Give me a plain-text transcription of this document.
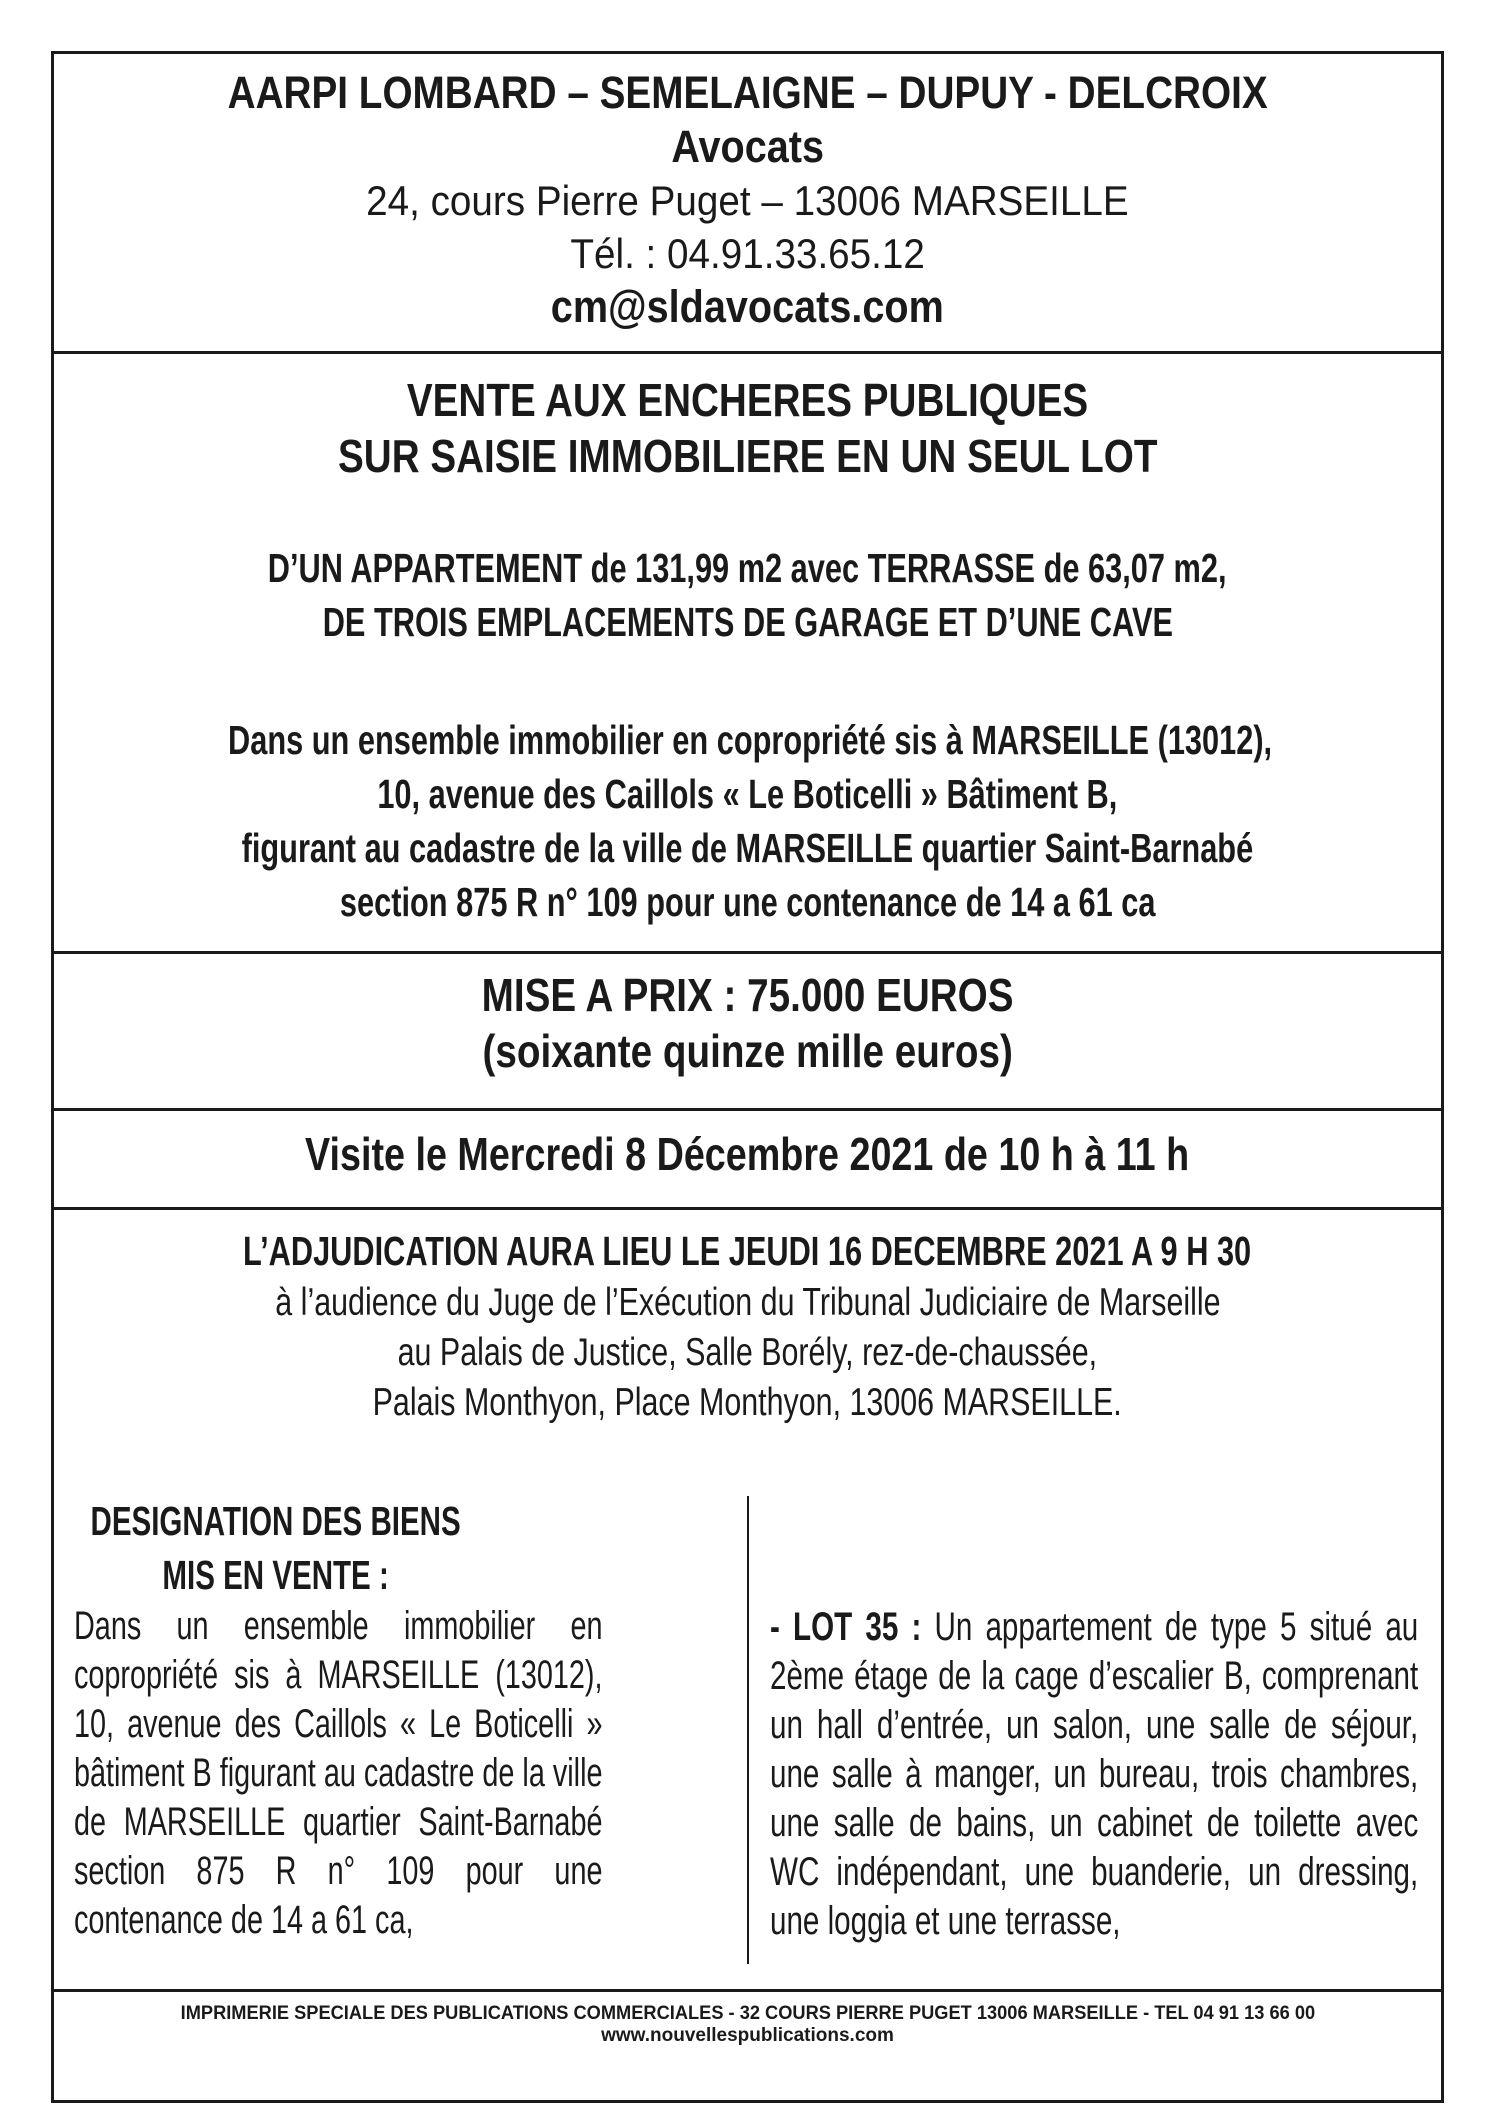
AARPI LOMBARD – SEMELAIGNE – DUPUY - DELCROIX
Avocats
24, cours Pierre Puget – 13006 MARSEILLE
Tél. : 04.91.33.65.12
cm@sldavocats.com
VENTE AUX ENCHERES PUBLIQUES
SUR SAISIE IMMOBILIERE EN UN SEUL LOT
D’UN APPARTEMENT de 131,99 m2 avec TERRASSE de 63,07 m2,
DE TROIS EMPLACEMENTS DE GARAGE ET D’UNE CAVE
Dans un ensemble immobilier en copropriété sis à MARSEILLE (13012),
10, avenue des Caillols « Le Boticelli » Bâtiment B,
figurant au cadastre de la ville de MARSEILLE quartier Saint-Barnabé
section 875 R n° 109 pour une contenance de 14 a 61 ca
MISE A PRIX : 75.000 EUROS
(soixante quinze mille euros)
Visite le Mercredi 8 Décembre 2021 de 10 h à 11 h
L’ADJUDICATION AURA LIEU LE JEUDI 16 DECEMBRE 2021 A 9 H 30
à l’audience du Juge de l’Exécution du Tribunal Judiciaire de Marseille
au Palais de Justice, Salle Borély, rez-de-chaussée,
Palais Monthyon, Place Monthyon, 13006 MARSEILLE.
DESIGNATION DES BIENS
MIS EN VENTE :
Dans un ensemble immobilier en copropriété sis à MARSEILLE (13012), 10, avenue des Caillols « Le Boticelli » bâtiment B figurant au cadastre de la ville de MARSEILLE quartier Saint-Barnabé section 875 R n° 109 pour une contenance de 14 a 61 ca,
- LOT 35 : Un appartement de type 5 situé au 2ème étage de la cage d’escalier B, comprenant un hall d’entrée, un salon, une salle de séjour, une salle à manger, un bureau, trois chambres, une salle de bains, un cabinet de toilette avec WC indépendant, une buanderie, un dressing, une loggia et une terrasse,
IMPRIMERIE SPECIALE DES PUBLICATIONS COMMERCIALES - 32 COURS PIERRE PUGET 13006 MARSEILLE - TEL 04 91 13 66 00
www.nouvellespublications.com
